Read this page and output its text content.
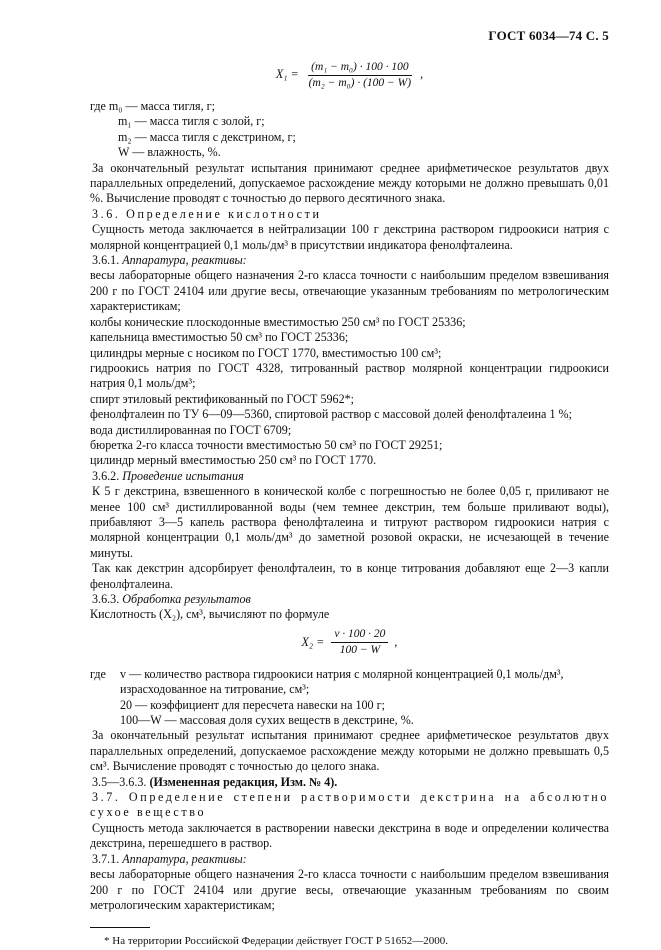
ГОСТ 6034—74 С. 5
$X_1 = \frac{\text{(m₁ − m₀) · 100 · 100}}{\text{(m₂ − m₀) · (100 − W)}}$ ,

где m₀ — масса тигля, г;

m₁ — масса тигля с золой, г;

m₂ — масса тигля с декстрином, г;

W — влажность, %.

За окончательный результат испытания принимают среднее арифметическое результатов двух параллельных определений, допускаемое расхождение между которыми не должно превышать 0,01 %. Вычисление проводят с точностью до первого десятичного знака.

3.6. Определение кислотности

Сущность метода заключается в нейтрализации 100 г декстрина раствором гидроокиси натрия с молярной концентрацией 0,1 моль/дм³ в присутствии индикатора фенолфталеина.

3.6.1. Аппаратура, реактивы:

весы лабораторные общего назначения 2-го класса точности с наибольшим пределом взвешивания 200 г по ГОСТ 24104 или другие весы, отвечающие указанным требованиям по метрологическим характеристикам;

колбы конические плоскодонные вместимостью 250 см³ по ГОСТ 25336;

капельница вместимостью 50 см³ по ГОСТ 25336;

цилиндры мерные с носиком по ГОСТ 1770, вместимостью 100 см³;

гидроокись натрия по ГОСТ 4328, титрованный раствор молярной концентрации гидроокиси натрия 0,1 моль/дм³;

спирт этиловый ректификованный по ГОСТ 5962*;

фенолфталеин по ТУ 6—09—5360, спиртовой раствор с массовой долей фенолфталеина 1 %;

вода дистиллированная по ГОСТ 6709;

бюретка 2-го класса точности вместимостью 50 см³ по ГОСТ 29251;

цилиндр мерный вместимостью 250 см³ по ГОСТ 1770.

3.6.2. Проведение испытания

К 5 г декстрина, взвешенного в конической колбе с погрешностью не более 0,05 г, приливают не менее 100 см³ дистиллированной воды (чем темнее декстрин, тем больше приливают воды), прибавляют 3—5 капель раствора фенолфталеина и титруют раствором гидроокиси натрия с молярной концентрации 0,1 моль/дм³ до заметной розовой окраски, не исчезающей в течение минуты.

Так как декстрин адсорбирует фенолфталеин, то в конце титрования добавляют еще 2—3 капли фенолфталеина.

3.6.3. Обработка результатов

Кислотность (X₂), см³, вычисляют по формуле

$X_2 = \frac{v \cdot 100 \cdot 20}{100 - W}$ ,
где	v — количество раствора гидроокиси натрия с молярной концентрацией 0,1 моль/дм³, израсходованное на титрование, см³;
20 — коэффициент для пересчета навески на 100 г;
100—W — массовая доля сухих веществ в декстрине, %.

За окончательный результат испытания принимают среднее арифметическое результатов двух параллельных определений, допускаемое расхождение между которыми не должно превышать 0,5 см³. Вычисление проводят с точностью до целого знака.

3.5—3.6.3. (Измененная редакция, Изм. № 4).

3.7. Определение степени растворимости декстрина на абсолютно сухое вещество

Сущность метода заключается в растворении навески декстрина в воде и определении количества декстрина, перешедшего в раствор.

3.7.1. Аппаратура, реактивы:

весы лабораторные общего назначения 2-го класса точности с наибольшим пределом взвешивания 200 г по ГОСТ 24104 или другие весы, отвечающие указанным требованиям по своим метрологическим характеристикам;

* На территории Российской Федерации действует ГОСТ Р 51652—2000.
